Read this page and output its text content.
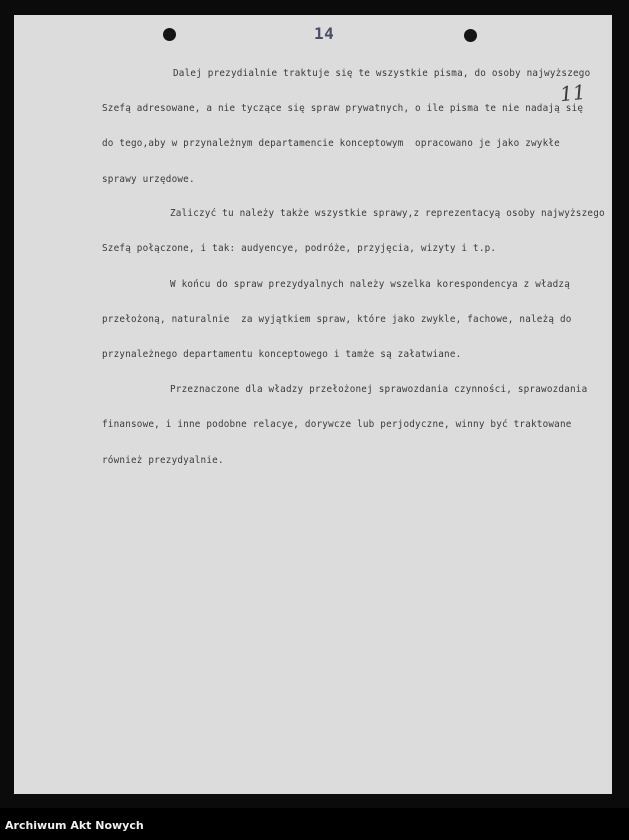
14
11
Dalej prezydialnie traktuje się te wszystkie pisma, do osoby najwyższego
Szefą adresowane, a nie tyczące się spraw prywatnych, o ile pisma te nie nadają się
do tego,aby w przynależnym departamencie konceptowym  opracowano je jako zwykłe
sprawy urzędowe.
Zaliczyć tu należy także wszystkie sprawy,z reprezentacyą osoby najwyższego
Szefą połączone, i tak: audyencye, podróże, przyjęcia, wizyty i t.p.
W końcu do spraw prezydyalnych należy wszelka korespondencya z władzą
przełożoną, naturalnie  za wyjątkiem spraw, które jako zwykle, fachowe, należą do
przynależnego departamentu konceptowego i tamże są załatwiane.
Przeznaczone dla władzy przełożonej sprawozdania czynności, sprawozdania
finansowe, i inne podobne relacye, dorywcze lub perjodyczne, winny być traktowane
również prezydyalnie.
Archiwum Akt Nowych
